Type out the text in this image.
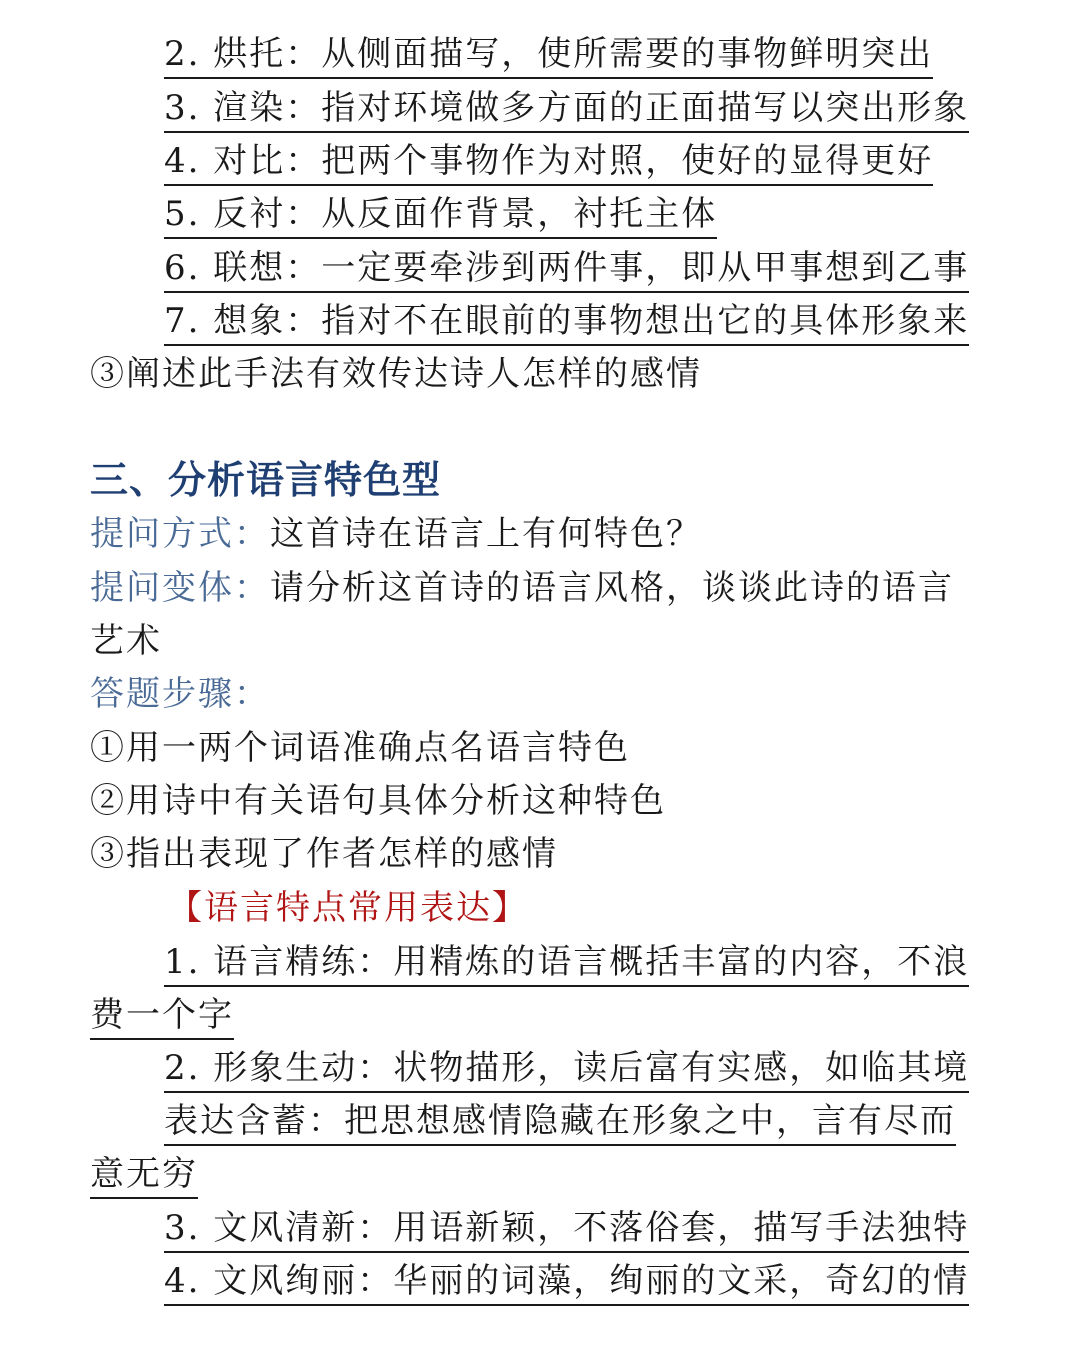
2. 烘托：从侧面描写，使所需要的事物鲜明突出
3. 渲染：指对环境做多方面的正面描写以突出形象
4. 对比：把两个事物作为对照，使好的显得更好
5. 反衬：从反面作背景，衬托主体
6. 联想：一定要牵涉到两件事，即从甲事想到乙事
7. 想象：指对不在眼前的事物想出它的具体形象来
③阐述此手法有效传达诗人怎样的感情
三、分析语言特色型
提问方式：这首诗在语言上有何特色？
提问变体：请分析这首诗的语言风格，谈谈此诗的语言
艺术
答题步骤：
①用一两个词语准确点名语言特色
②用诗中有关语句具体分析这种特色
③指出表现了作者怎样的感情
【语言特点常用表达】
1. 语言精练：用精炼的语言概括丰富的内容，不浪
费一个字
2. 形象生动：状物描形，读后富有实感，如临其境
表达含蓄：把思想感情隐藏在形象之中，言有尽而
意无穷
3. 文风清新：用语新颖，不落俗套，描写手法独特
4. 文风绚丽：华丽的词藻，绚丽的文采，奇幻的情
